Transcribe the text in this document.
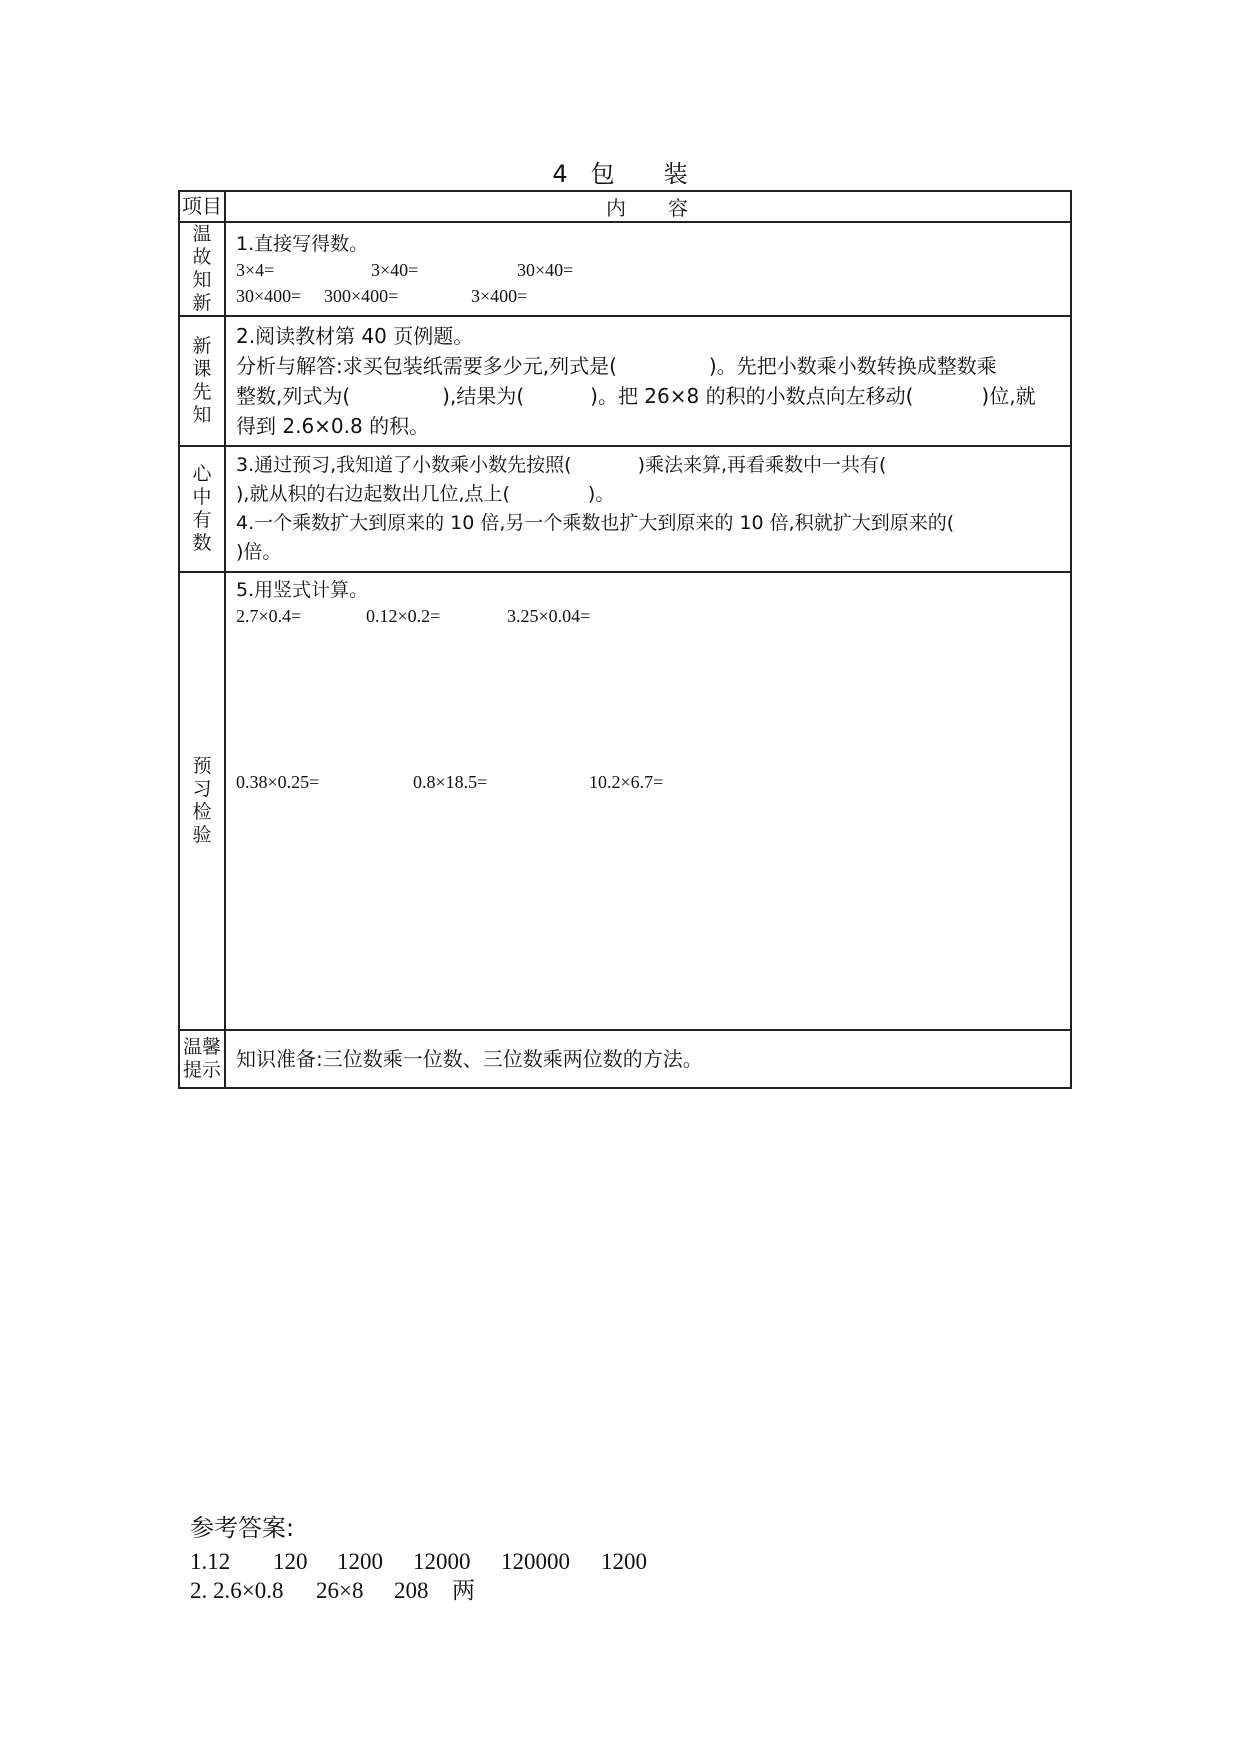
4 包 装
项目	内 容
温故知新	1.直接写得数。
3×4= 3×40= 30×40=
30×400= 300×400= 3×400=

新课先知	2.阅读教材第 40 页例题。
分析与解答:求买包装纸需要多少元,列式是( )。先把小数乘小数转换成整数乘
整数,列式为( ),结果为( )。把 26×8 的积的小数点向左移动( )位,就
得到 2.6×0.8 的积。

心中有数	3.通过预习,我知道了小数乘小数先按照( )乘法来算,再看乘数中一共有(
),就从积的右边起数出几位,点上( )。
4.一个乘数扩大到原来的 10 倍,另一个乘数也扩大到原来的 10 倍,积就扩大到原来的(
)倍。

预习检验	5.用竖式计算。
2.7×0.4= 0.12×0.2= 3.25×0.04=
0.38×0.25= 0.8×18.5= 10.2×6.7=

温馨提示	知识准备:三位数乘一位数、三位数乘两位数的方法。
参考答案:
1.12 120 1200 12000 120000 1200
2. 2.6×0.8 26×8 208 两
